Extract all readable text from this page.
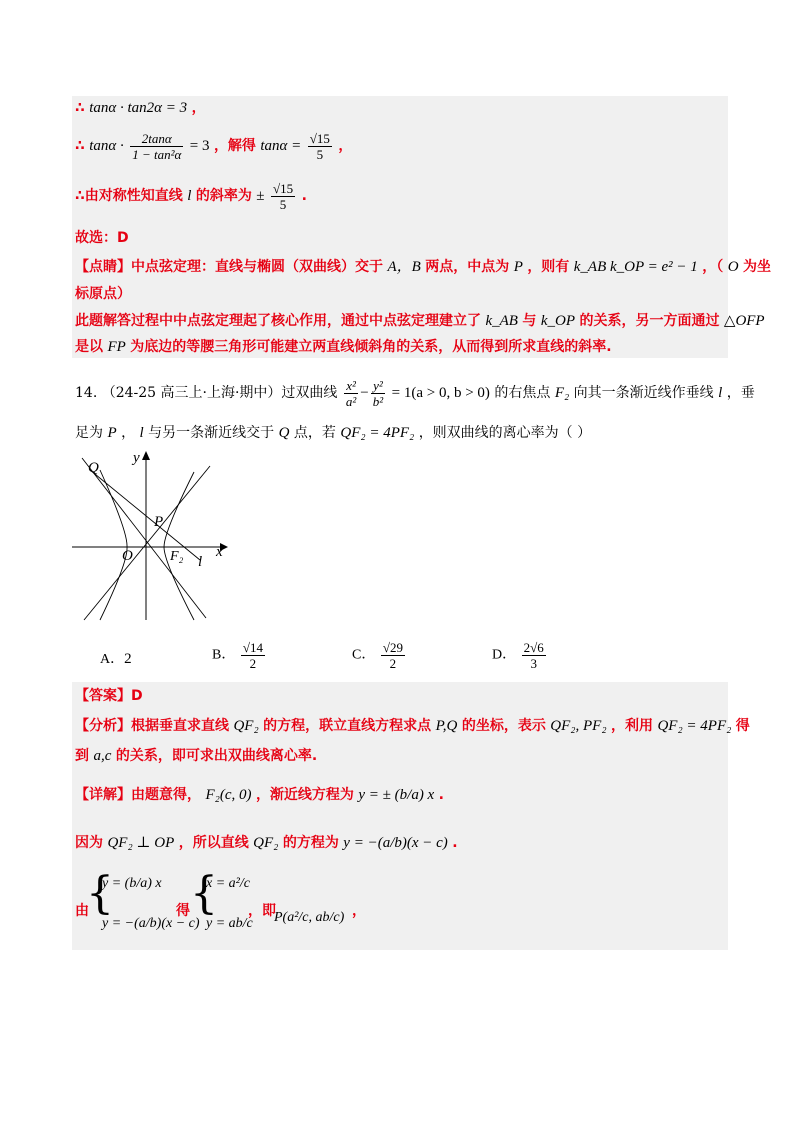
∴ tanα · tan2α = 3 ，
∴ $\tan\alpha \cdot \frac{2\tan\alpha}{\text{1 − tan²α}} = 3$ ，解得 $\tan\alpha = \frac{√15}{5}$ ，
∴由对称性知直线 l 的斜率为 ± $\frac{√15}{5}$ .
故选：D
【点睛】中点弦定理：直线与椭圆（双曲线）交于 A，B 两点，中点为 P ，则有 k_AB k_OP = e² − 1 ，（ O 为坐
标原点）
此题解答过程中中点弦定理起了核心作用，通过中点弦定理建立了 k_AB 与 k_OP 的关系，另一方面通过 △OFP
是以 FP 为底边的等腰三角形可能建立两直线倾斜角的关系，从而得到所求直线的斜率.
14. （24-25 高三上·上海·期中）过双曲线 $\frac{\text{x²}}{\text{a²}} - \frac{\text{y²}}{\text{b²}} = 1(a > 0$, b > 0) 的右焦点 F₂ 向其一条渐近线作垂线 l ，垂
足为 P ， l 与另一条渐近线交于 Q 点，若 QF₂ = 4PF₂ ，则双曲线的离心率为（ ）
Q
y
P
O	F₂ l
x
A．2	B． $\frac{√14}{2}$	C． $\frac{√29}{2}$	D． $\frac{2√6}{3}$
【答案】D
【分析】根据垂直求直线 QF₂ 的方程，联立直线方程求点 P,Q 的坐标，表示 QF₂, PF₂ ，利用 QF₂ = 4PF₂ 得
到 a,c 的关系，即可求出双曲线离心率.
【详解】由题意得， F₂(c, 0) ，渐近线方程为 y = ± (b/a) x .
因为 QF₂ ⊥ OP ，所以直线 QF₂ 的方程为 y = −(a/b)(x − c) .
由
{
y = (b/a) x
y = −(a/b)(x − c)
得 {
x = a²/c
y = ab/c
，即
P(a²/c, ab/c) ，
